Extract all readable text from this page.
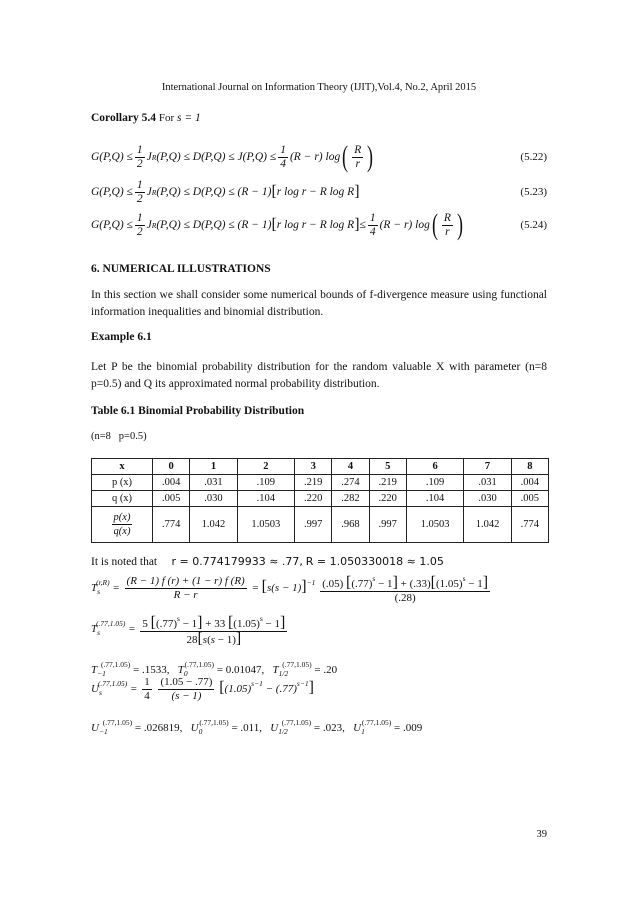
International Journal on Information Theory (IJIT),Vol.4, No.2, April 2015
Corollary 5.4 For s = 1
$G(P,Q) \le \frac{1}{2}$ J R $(P,Q) \le D(P,Q) \le J(P,Q) \le \frac{1}{4} (R - r)$ log ( $\frac{R}{r}$ )	(5.22)
$G(P,Q) \le \frac{1}{2}$ J R (P,Q) ≤ D(P,Q) ≤ (R − 1) [ r log r − R log R ]	(5.23)
$G(P,Q) \le \frac{1}{2}$ J R (P,Q) ≤ D(P,Q) ≤ (R − 1) [ r log r − R log R ] ≤ $\frac{1}{4} (R - r)$ log ( $\frac{R}{r}$ )	(5.24)
6. NUMERICAL ILLUSTRATIONS
In this section we shall consider some numerical bounds of f-divergence measure using functional information inequalities and binomial distribution.
Example 6.1
Let P be the binomial probability distribution for the random valuable X with parameter (n=8 p=0.5) and Q its approximated normal probability distribution.
Table 6.1 Binomial Probability Distribution
(n=8   p=0.5)
x	0	1	2	3	4	5	6	7	8
p (x)	.004	.031	.109	.219	.274	.219	.109	.031	.004
q (x)	.005	.030	.104	.220	.282	.220	.104	.030	.005

$\frac{p(x)}{q(x)}$	.774	1.042	1.0503	.997	.968	.997	1.0503	1.042	.774
It is noted that r = 0.774179933 ≈ .77, R = 1.050330018 ≈ 1.05
$T_s^{(r,R)} = \frac{(R - 1) f (r) + (1 - r) f (R)}{R - r} = [s(s - 1)]^{-1} \frac{(.05) [(.77)^s - 1] + (.33)[(1.05)^s - 1]}{(.28)}$
$T_s^{(.77,1.05)} = \frac{5 [(.77)^s - 1] + 33 [(1.05)^s - 1]}{28[s(s - 1)]}$
$T_{-1}^{(.77,1.05)} = .1533$,   $T_0^{(.77,1.05)} = 0.01047$,   $T_{1/2}^{(.77,1.05)} = .20$
$U_s^{(.77,1.05)} = \frac{1}{4}$
$\frac{(1.05 - .77)}{(s - 1)} [(1.05)^{s-1} - (.77)^{s-1}]$
$U_{-1}^{(.77,1.05)} = .026819$,   $U_0^{(.77,1.05)} = .011$,   $U_{1/2}^{(.77,1.05)} = .023$,   $U_1^{(.77,1.05)} = .009$
39
